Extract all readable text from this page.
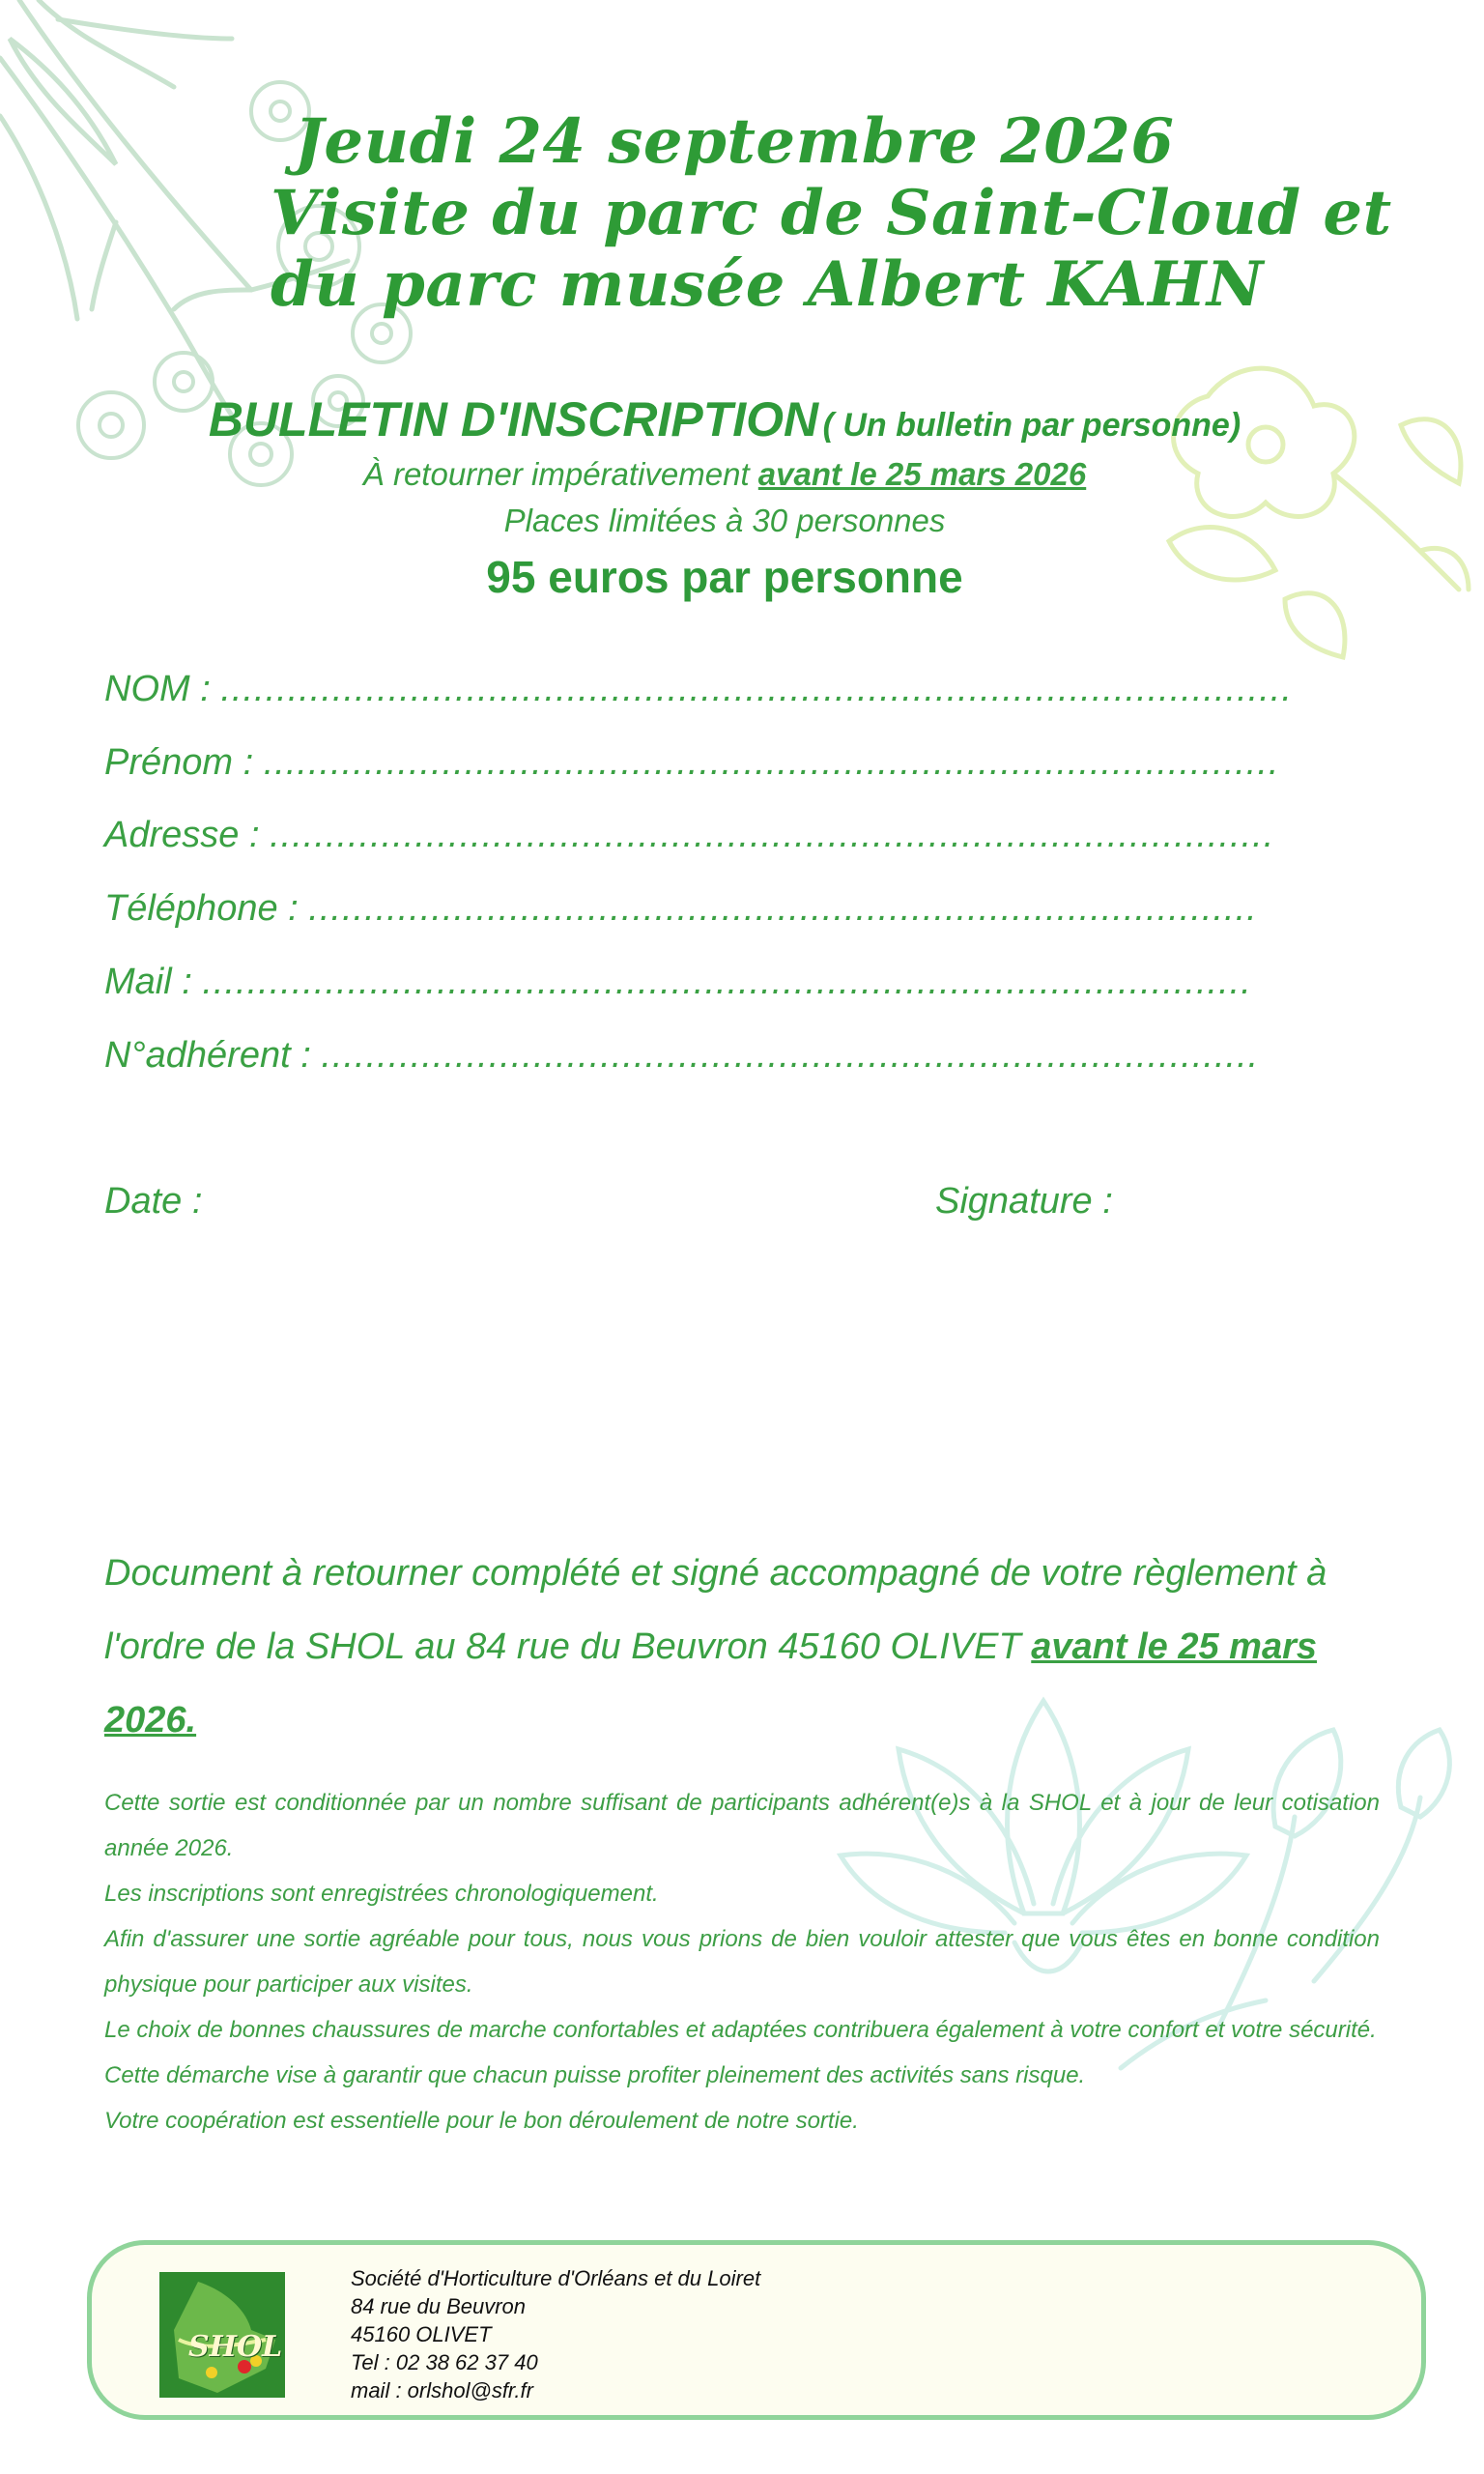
Jeudi 24 septembre 2026
Visite du parc de Saint-Cloud et
du parc musée Albert KAHN
BULLETIN D'INSCRIPTION ( Un bulletin par personne)
À retourner impérativement avant le 25 mars 2026
Places limitées à 30 personnes
95 euros par personne
NOM : ................................................................................................
Prénom : ...........................................................................................
Adresse : ..........................................................................................
Téléphone : .....................................................................................
Mail : ..............................................................................................
N°adhérent : ....................................................................................
Date :	Signature :
Document à retourner complété et signé accompagné de votre règlement à l'ordre de la SHOL au 84 rue du Beuvron 45160 OLIVET avant le 25 mars 2026.

Cette sortie est conditionnée par un nombre suffisant de participants adhérent(e)s à la SHOL et à jour de leur cotisation année 2026.

Les inscriptions sont enregistrées chronologiquement.

Afin d'assurer une sortie agréable pour tous, nous vous prions de bien vouloir attester que vous êtes en bonne condition physique pour participer aux visites.

Le choix de bonnes chaussures de marche confortables et adaptées contribuera également à votre confort et votre sécurité.

Cette démarche vise à garantir que chacun puisse profiter pleinement des activités sans risque.

Votre coopération est essentielle pour le bon déroulement de notre sortie.

SHOL
Société d'Horticulture d'Orléans et du Loiret
84 rue du Beuvron
45160 OLIVET
Tel : 02 38 62 37 40
mail : orlshol@sfr.fr
